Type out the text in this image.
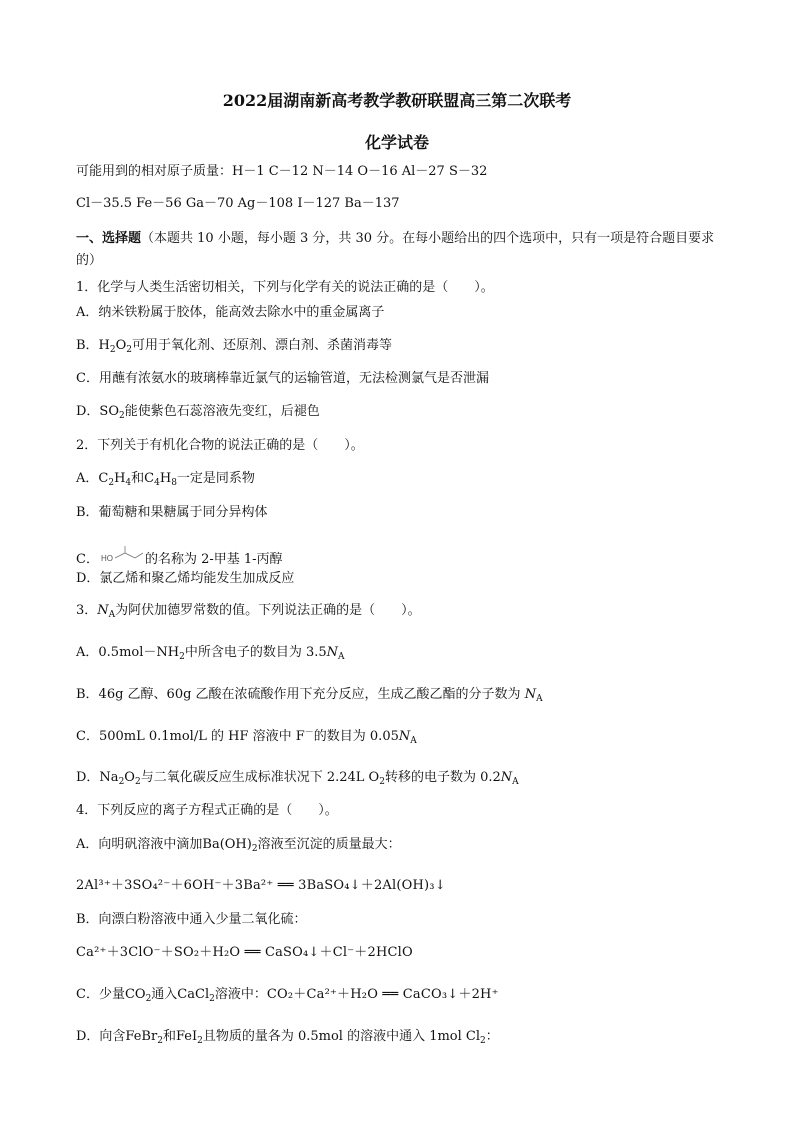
2022届湖南新高考教学教研联盟高三第二次联考
化学试卷
可能用到的相对原子质量：H－1 C－12 N－14 O－16 Al－27 S－32
Cl－35.5 Fe－56 Ga－70 Ag－108 I－127 Ba－137
一、选择题（本题共 10 小题，每小题 3 分，共 30 分。在每小题给出的四个选项中，只有一项是符合题目要求的）
1．化学与人类生活密切相关，下列与化学有关的说法正确的是（　　）。
A．纳米铁粉属于胶体，能高效去除水中的重金属离子
B．$H_2O_2$可用于氧化剂、还原剂、漂白剂、杀菌消毒等
C．用蘸有浓氨水的玻璃棒靠近氯气的运输管道，无法检测氯气是否泄漏
D．$SO_2$能使紫色石蕊溶液先变红，后褪色
2．下列关于有机化合物的说法正确的是（　　）。
A．$C_2H_4$和$C_4H_8$一定是同系物
B．葡萄糖和果糖属于同分异构体
C． HO 的名称为 2-甲基 1-丙醇
D．氯乙烯和聚乙烯均能发生加成反应
3．$N_A$为阿伏加德罗常数的值。下列说法正确的是（　　）。
A．$0.5mol-NH_2$中所含电子的数目为 $3.5N_A$
B．46g 乙醇、60g 乙酸在浓硫酸作用下充分反应，生成乙酸乙酯的分子数为 $N_A$
C．500mL 0.1mol/L 的 HF 溶液中 F－的数目为 $0.05N_A$
D．$Na_2O_2$与二氧化碳反应生成标准状况下 2.24L $O_2$转移的电子数为 $0.2N_A$
4．下列反应的离子方程式正确的是（　　）。
A．向明矾溶液中滴加$Ba(OH)_2$溶液至沉淀的质量最大：
2Al³⁺＋3SO₄²⁻＋6OH⁻＋3Ba²⁺ ══ 3BaSO₄↓＋2Al(OH)₃↓
B．向漂白粉溶液中通入少量二氧化硫：
Ca²⁺＋3ClO⁻＋SO₂＋H₂O ══ CaSO₄↓＋Cl⁻＋2HClO
C．少量$CO_2$通入CaCl$_2$溶液中：CO₂＋Ca²⁺＋H₂O ══ CaCO₃↓＋2H⁺
D．向含FeBr$_2$和FeI$_2$且物质的量各为 0.5mol 的溶液中通入 1mol $Cl_2$：
